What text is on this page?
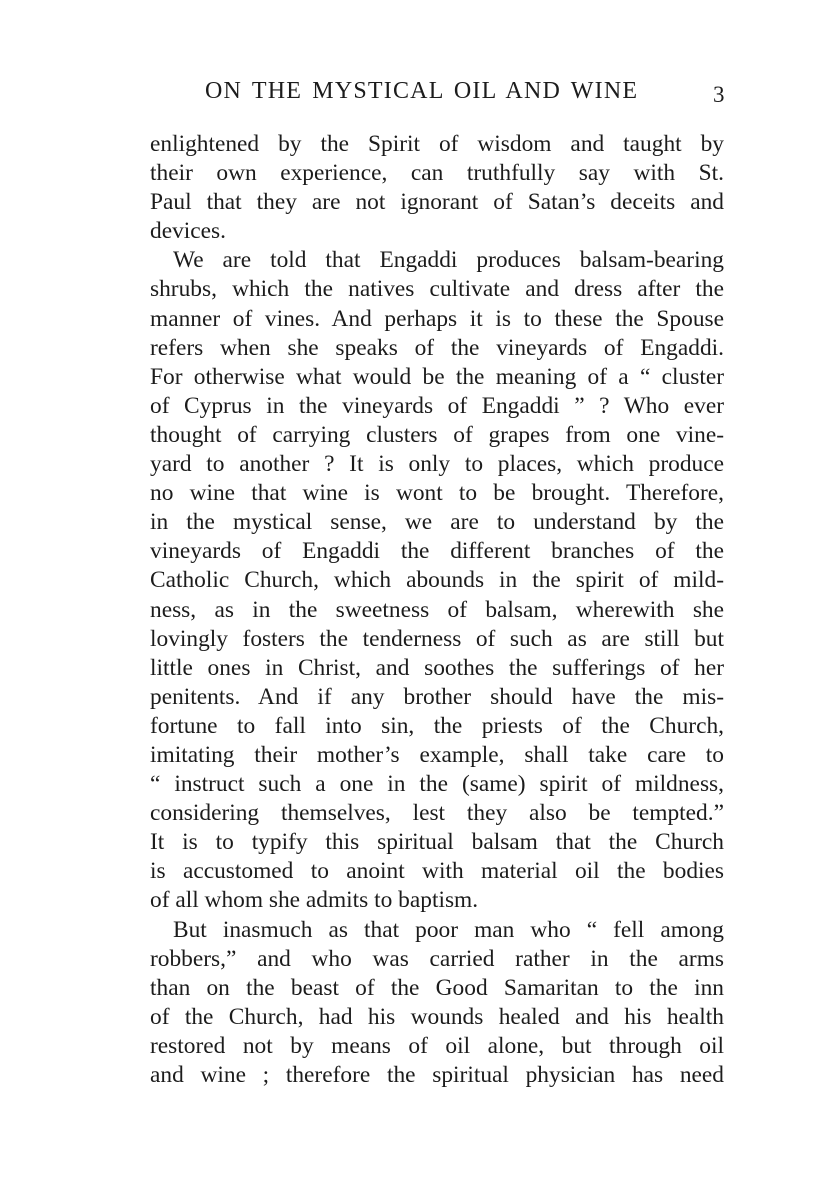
ON THE MYSTICAL OIL AND WINE	3
enlightened by the Spirit of wisdom and taught by
their own experience, can truthfully say with St.
Paul that they are not ignorant of Satan’s deceits and
devices.
We are told that Engaddi produces balsam-bearing
shrubs, which the natives cultivate and dress after the
manner of vines. And perhaps it is to these the Spouse
refers when she speaks of the vineyards of Engaddi.
For otherwise what would be the meaning of a “ cluster
of Cyprus in the vineyards of Engaddi ” ? Who ever
thought of carrying clusters of grapes from one vine-
yard to another ? It is only to places, which produce
no wine that wine is wont to be brought. Therefore,
in the mystical sense, we are to understand by the
vineyards of Engaddi the different branches of the
Catholic Church, which abounds in the spirit of mild-
ness, as in the sweetness of balsam, wherewith she
lovingly fosters the tenderness of such as are still but
little ones in Christ, and soothes the sufferings of her
penitents. And if any brother should have the mis-
fortune to fall into sin, the priests of the Church,
imitating their mother’s example, shall take care to
“ instruct such a one in the (same) spirit of mildness,
considering themselves, lest they also be tempted.”
It is to typify this spiritual balsam that the Church
is accustomed to anoint with material oil the bodies
of all whom she admits to baptism.
But inasmuch as that poor man who “ fell among
robbers,” and who was carried rather in the arms
than on the beast of the Good Samaritan to the inn
of the Church, had his wounds healed and his health
restored not by means of oil alone, but through oil
and wine ; therefore the spiritual physician has need
